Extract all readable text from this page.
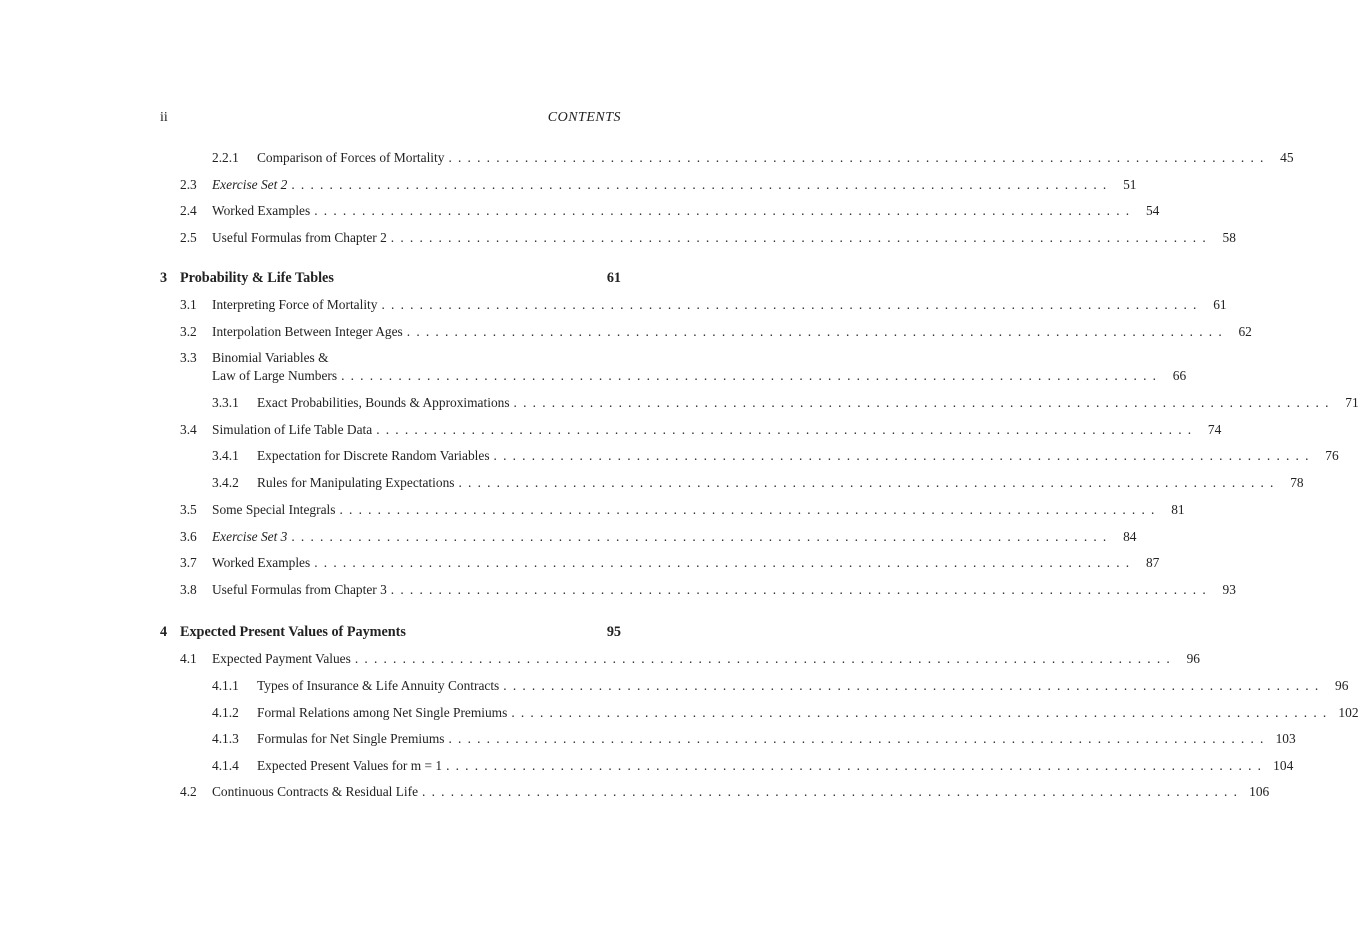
ii	CONTENTS
2.2.1 Comparison of Forces of Mortality ...................................................................................... 45
2.3 Exercise Set 2 ...................................................................................... 51
2.4 Worked Examples ...................................................................................... 54
2.5 Useful Formulas from Chapter 2 ...................................................................................... 58
3 Probability & Life Tables	61
3.1 Interpreting Force of Mortality ...................................................................................... 61
3.2 Interpolation Between Integer Ages ...................................................................................... 62
3.3 Binomial Variables &
Law of Large Numbers ...................................................................................... 66
3.3.1 Exact Probabilities, Bounds & Approximations ...................................................................................... 71
3.4 Simulation of Life Table Data ...................................................................................... 74
3.4.1 Expectation for Discrete Random Variables ...................................................................................... 76
3.4.2 Rules for Manipulating Expectations ...................................................................................... 78
3.5 Some Special Integrals ...................................................................................... 81
3.6 Exercise Set 3 ...................................................................................... 84
3.7 Worked Examples ...................................................................................... 87
3.8 Useful Formulas from Chapter 3 ...................................................................................... 93
4 Expected Present Values of Payments	95
4.1 Expected Payment Values ...................................................................................... 96
4.1.1 Types of Insurance & Life Annuity Contracts ...................................................................................... 96
4.1.2 Formal Relations among Net Single Premiums ...................................................................................... 102
4.1.3 Formulas for Net Single Premiums ...................................................................................... 103
4.1.4 Expected Present Values for m = 1 ...................................................................................... 104
4.2 Continuous Contracts & Residual Life ...................................................................................... 106
